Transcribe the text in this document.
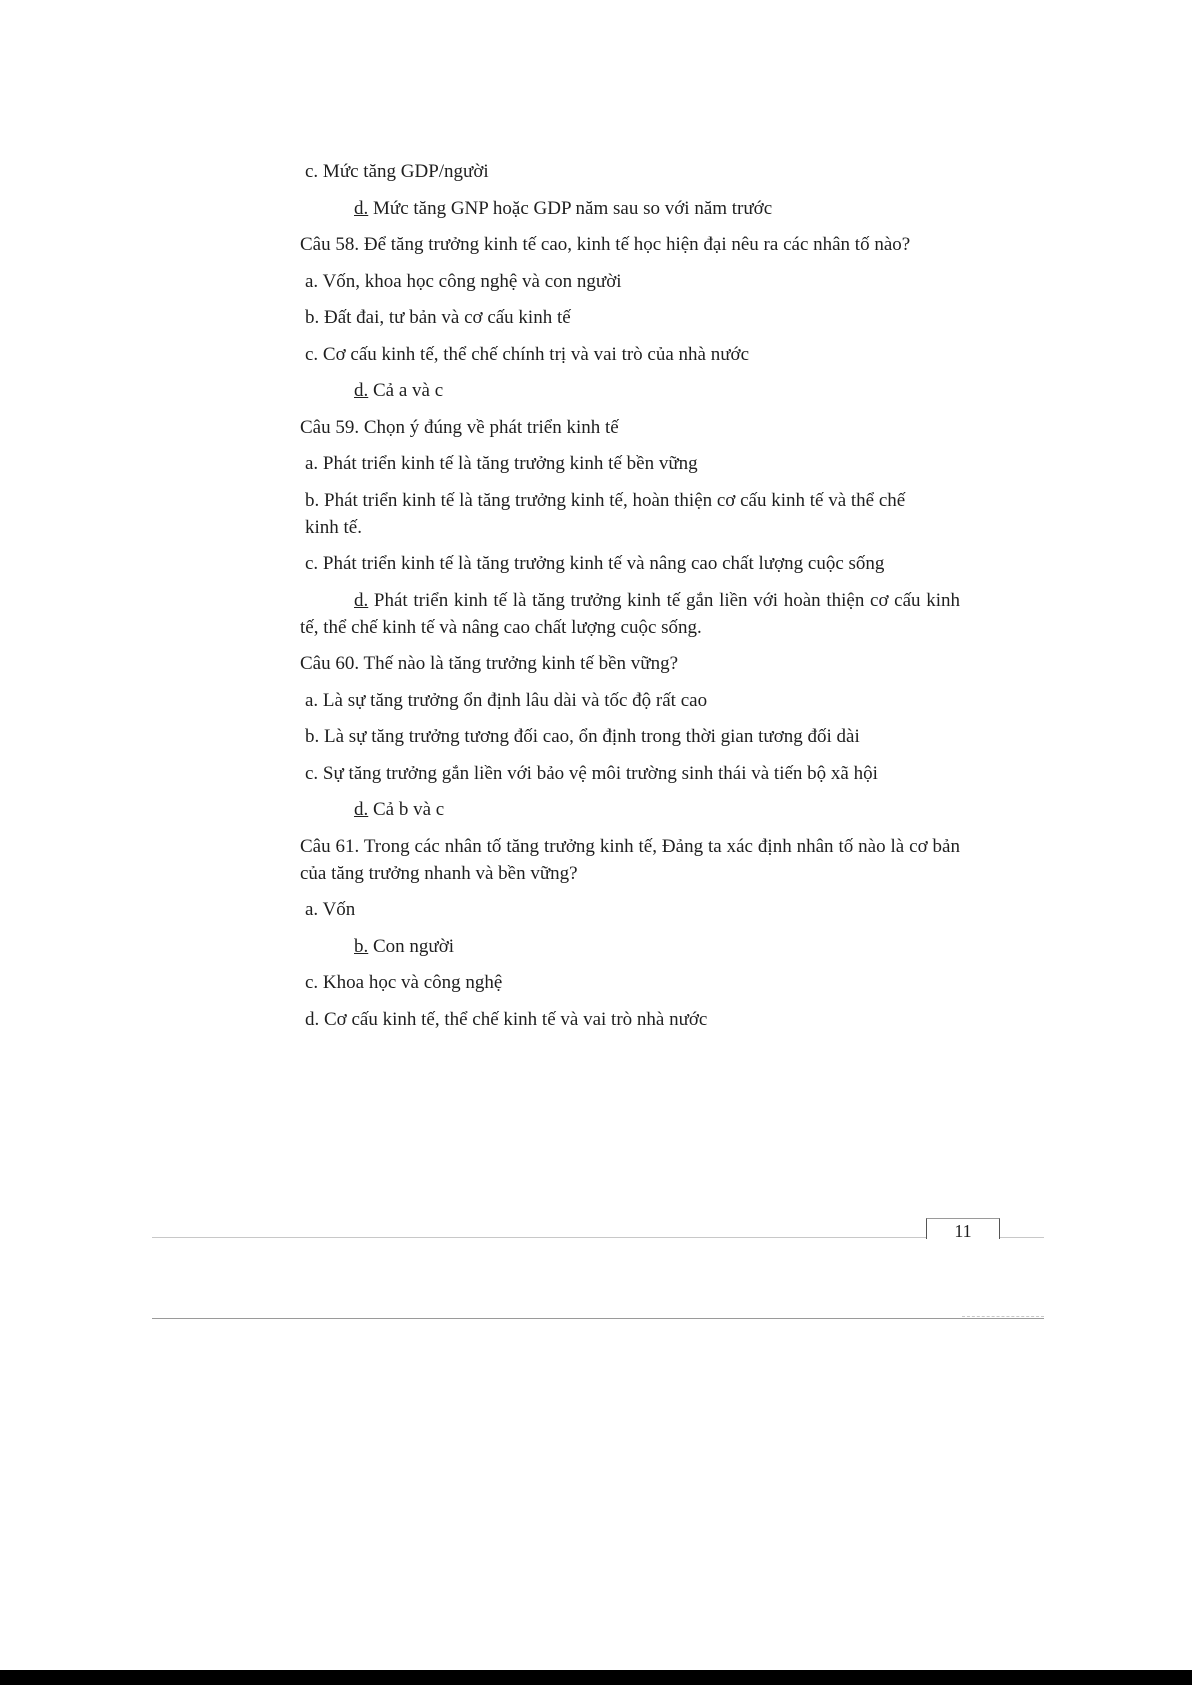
c. Mức tăng GDP/người
d. Mức tăng GNP hoặc GDP năm sau so với năm trước
Câu 58. Để tăng trưởng kinh tế cao, kinh tế học hiện đại nêu ra các nhân tố nào?
a. Vốn, khoa học công nghệ và con người
b. Đất đai, tư bản và cơ cấu kinh tế
c. Cơ cấu kinh tế, thể chế chính trị và vai trò của nhà nước
d. Cả a và c
Câu 59. Chọn ý đúng về phát triển kinh tế
a. Phát triển kinh tế là tăng trưởng kinh tế bền vững
b. Phát triển kinh tế là tăng trưởng kinh tế, hoàn thiện cơ cấu kinh tế và thể chế kinh tế.
c. Phát triển kinh tế là tăng trưởng kinh tế và nâng cao chất lượng cuộc sống
d. Phát triển kinh tế là tăng trưởng kinh tế gắn liền với hoàn thiện cơ cấu kinh tế, thể chế kinh tế và nâng cao chất lượng cuộc sống.
Câu 60. Thế nào là tăng trưởng kinh tế bền vững?
a. Là sự tăng trưởng ổn định lâu dài và tốc độ rất cao
b. Là sự tăng trưởng tương đối cao, ổn định trong thời gian tương đối dài
c. Sự tăng trưởng gắn liền với bảo vệ môi trường sinh thái và tiến bộ xã hội
d. Cả b và c
Câu 61. Trong các nhân tố tăng trưởng kinh tế, Đảng ta xác định nhân tố nào là cơ bản của tăng trưởng nhanh và bền vững?
a. Vốn
b. Con người
c. Khoa học và công nghệ
d. Cơ cấu kinh tế, thể chế kinh tế và vai trò nhà nước
11
